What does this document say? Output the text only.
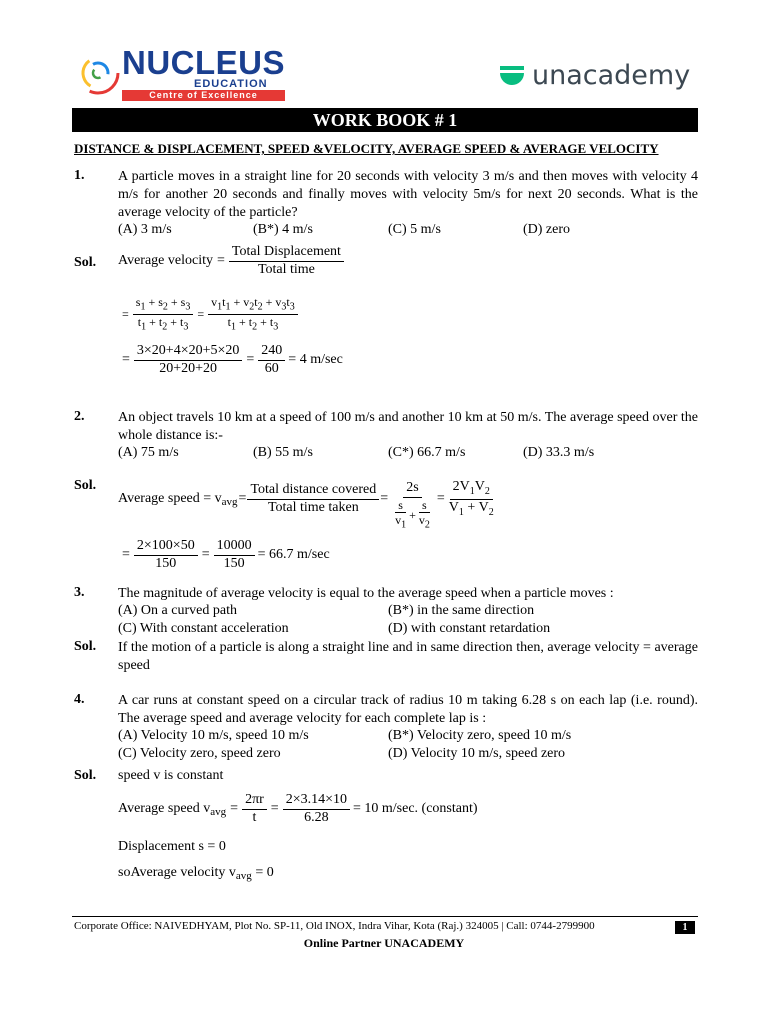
NUCLEUS
EDUCATION
Centre of Excellence
unacademy
WORK BOOK # 1
DISTANCE & DISPLACEMENT, SPEED &VELOCITY, AVERAGE SPEED & AVERAGE VELOCITY
1. A particle moves in a straight line for 20 seconds with velocity 3 m/s and then moves with velocity 4 m/s for another 20 seconds and finally moves with velocity 5m/s for next 20 seconds. What is the average velocity of the particle?
(A) 3 m/s	(B*) 4 m/s	(C) 5 m/s	(D) zero
Sol. Average velocity =
Total Displacement
Total time
= $\frac{s_1 + s_2 + s_3}{t_1 + t_2 + t_3} = \frac{v_1t_1 + v_2t_2 + v_3t_3}{t_1 + t_2 + t_3}$
= $\frac{3\times 20+4\times 20+5\times 20}{20+20+20} = \frac{240}{60} = 4$ m/sec
2. An object travels 10 km at a speed of 100 m/s and another 10 km at 50 m/s. The average speed over the whole distance is:-
(A) 75 m/s	(B) 55 m/s	(C*) 66.7 m/s	(D) 33.3 m/s
Sol.
Average speed = $v_{avg}$ =
Total distance covered
Total time taken
= $\frac{2s}{\frac{s}{v_1} + \frac{s}{v_2}} = \frac{2V_1V_2}{V_1 + V_2}$
= $\frac{2\times 100\times 50}{150} = \frac{10000}{150} = 66.7$ m/sec
3. The magnitude of average velocity is equal to the average speed when a particle moves :
(A) On a curved path	(B*) in the same direction
(C) With constant acceleration	(D) with constant retardation
Sol. If the motion of a particle is along a straight line and in same direction then, average velocity = average speed
4. A car runs at constant speed on a circular track of radius 10 m taking 6.28 s on each lap (i.e. round). The average speed and average velocity for each complete lap is :
(A) Velocity 10 m/s, speed 10 m/s	(B*) Velocity zero, speed 10 m/s
(C) Velocity zero, speed zero	(D) Velocity 10 m/s, speed zero
Sol. speed v is constant
Average speed $v_{avg} = \frac{2\pi r}{t} = \frac{2\times 3.14\times 10}{6.28} = 10$ m/sec. (constant)
Displacement s = 0
soAverage velocity $v_{avg} = 0$
Corporate Office: NAIVEDHYAM, Plot No. SP-11, Old INOX, Indra Vihar, Kota (Raj.) 324005 | Call: 0744-2799900	1
Online Partner UNACADEMY
